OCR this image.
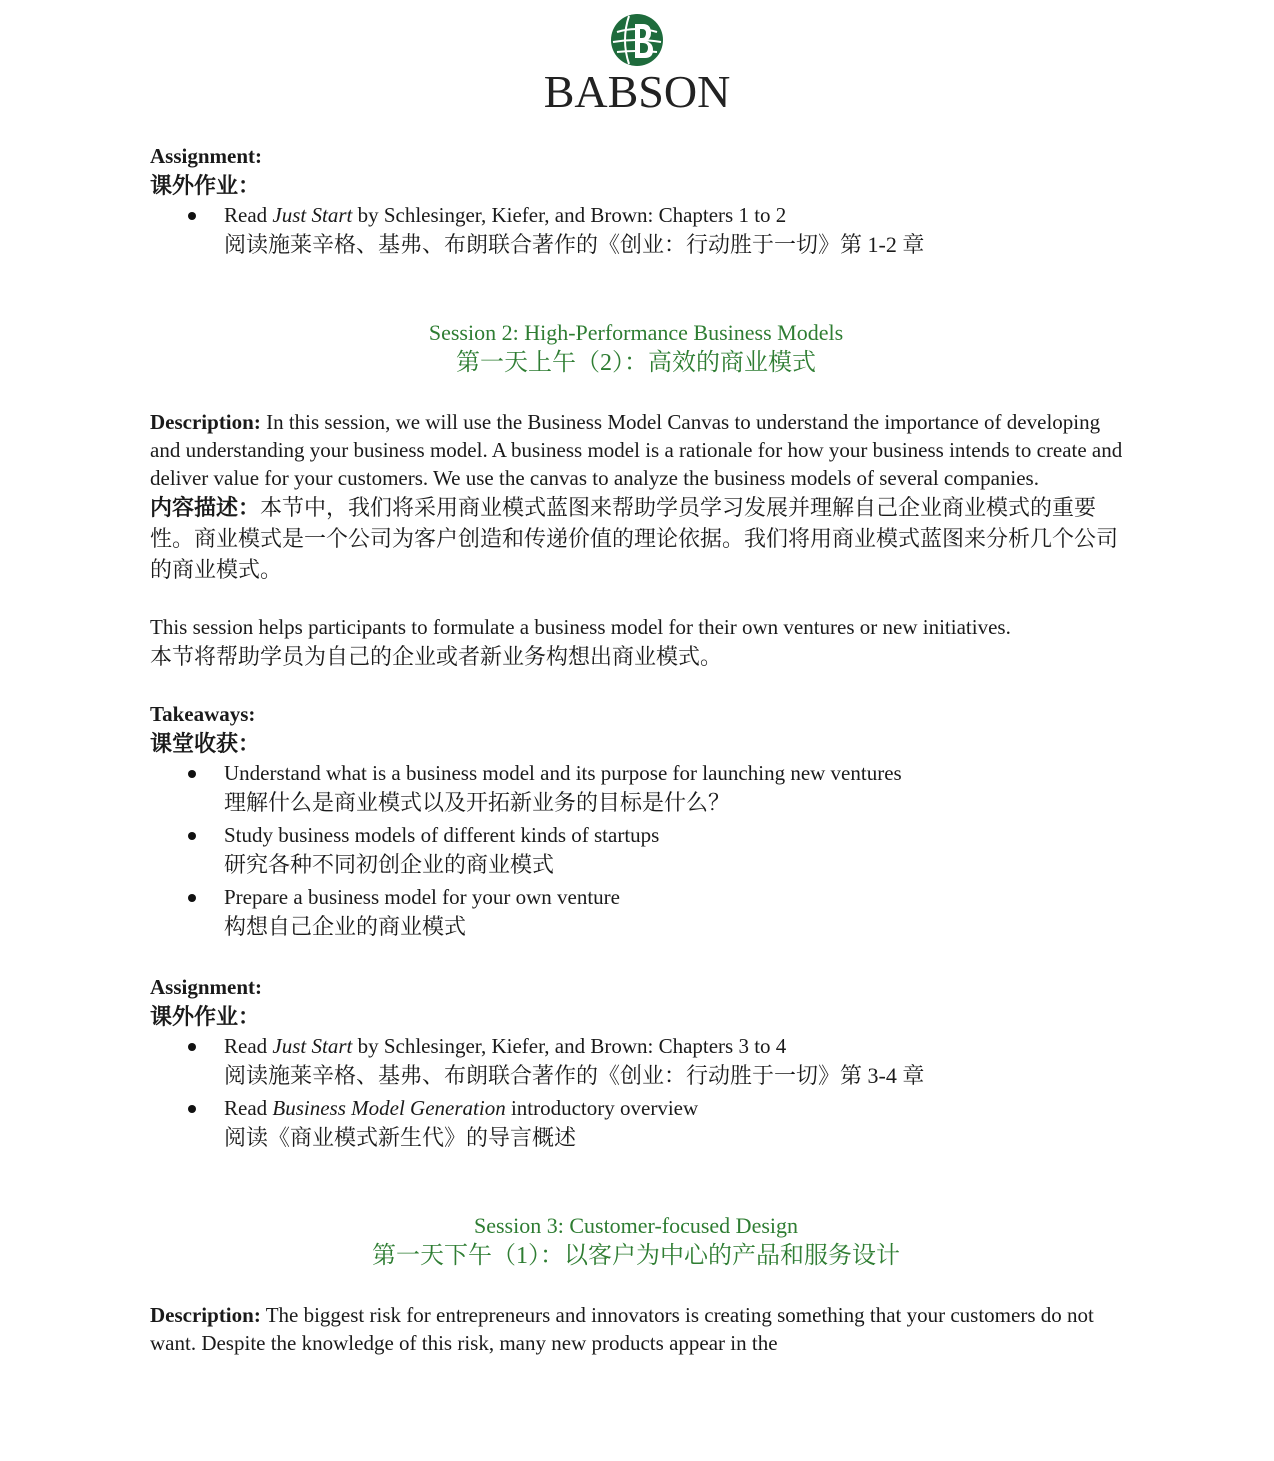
BABSON
Assignment:
课外作业：
Read Just Start by Schlesinger, Kiefer, and Brown: Chapters 1 to 2
阅读施莱辛格、基弗、布朗联合著作的《创业：行动胜于一切》第 1-2 章
Session 2: High-Performance Business Models
第一天上午（2）：高效的商业模式

Description: In this session, we will use the Business Model Canvas to understand the importance of developing and understanding your business model. A business model is a rationale for how your business intends to create and deliver value for your customers. We use the canvas to analyze the business models of several companies.

内容描述：本节中，我们将采用商业模式蓝图来帮助学员学习发展并理解自己企业商业模式的重要性。商业模式是一个公司为客户创造和传递价值的理论依据。我们将用商业模式蓝图来分析几个公司的商业模式。

This session helps participants to formulate a business model for their own ventures or new initiatives.

本节将帮助学员为自己的企业或者新业务构想出商业模式。

Takeaways:
课堂收获：
Understand what is a business model and its purpose for launching new ventures
理解什么是商业模式以及开拓新业务的目标是什么？
Study business models of different kinds of startups
研究各种不同初创企业的商业模式
Prepare a business model for your own venture
构想自己企业的商业模式
Assignment:
课外作业：
Read Just Start by Schlesinger, Kiefer, and Brown: Chapters 3 to 4
阅读施莱辛格、基弗、布朗联合著作的《创业：行动胜于一切》第 3-4 章
Read Business Model Generation introductory overview
阅读《商业模式新生代》的导言概述
Session 3: Customer-focused Design
第一天下午（1）：以客户为中心的产品和服务设计

Description: The biggest risk for entrepreneurs and innovators is creating something that your customers do not want. Despite the knowledge of this risk, many new products appear in the
